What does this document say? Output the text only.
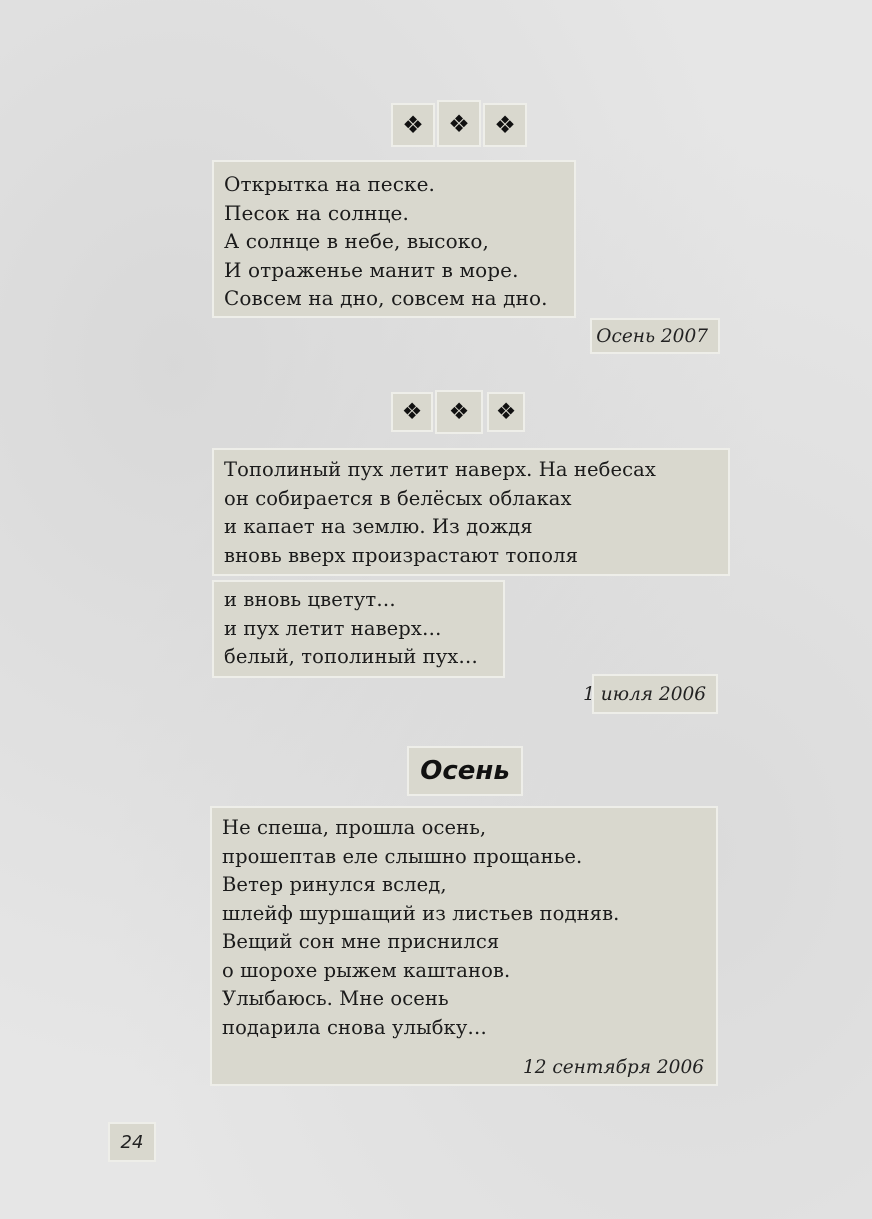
❖ ❖ ❖
Открытка на песке.
Песок на солнце.
А солнце в небе, высоко,
И отраженье манит в море.
Совсем на дно, совсем на дно.
Осень 2007
❖ ❖ ❖
Тополиный пух летит наверх. На небесах
он собирается в белёсых облаках
и капает на землю. Из дождя
вновь вверх произрастают тополя
и вновь цветут…
и пух летит наверх…
белый, тополиный пух…
1 июля 2006
Осень
Не спеша, прошла осень,
прошептав еле слышно прощанье.
Ветер ринулся вслед,
шлейф шуршащий из листьев подняв.
Вещий сон мне приснился
о шорохе рыжем каштанов.
Улыбаюсь. Мне осень
подарила снова улыбку…
12 сентября 2006
24
